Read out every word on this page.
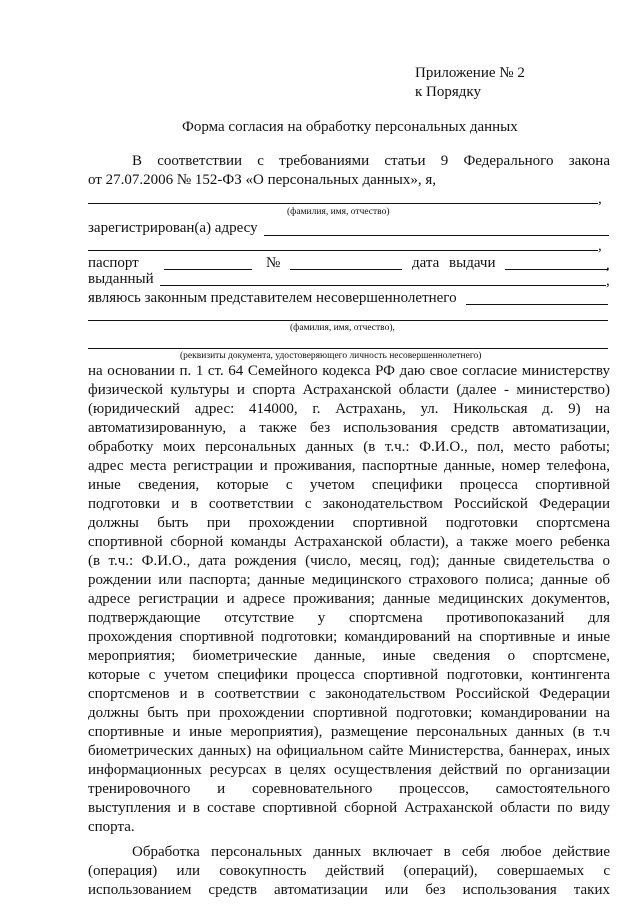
Приложение № 2
к Порядку
Форма согласия на обработку персональных данных
В соответствии с требованиями статьи 9 Федерального закона
от 27.07.2006 № 152-ФЗ «О персональных данных», я,
,
(фамилия, имя, отчество)
зарегистрирован(а) адресу
,
паспорт	№	дата выдачи	,
выданный	,
являюсь законным представителем несовершеннолетнего
(фамилия, имя, отчество),
(реквизиты документа, удостоверяющего личность несовершеннолетнего)
на основании п. 1 ст. 64 Семейного кодекса РФ даю свое согласие министерству
физической культуры и спорта Астраханской области (далее - министерство)
(юридический адрес: 414000, г. Астрахань, ул. Никольская д. 9) на
автоматизированную, а также без использования средств автоматизации,
обработку моих персональных данных (в т.ч.: Ф.И.О., пол, место работы;
адрес места регистрации и проживания, паспортные данные, номер телефона,
иные сведения, которые с учетом специфики процесса спортивной
подготовки и в соответствии с законодательством Российской Федерации
должны быть при прохождении спортивной подготовки спортсмена
спортивной сборной команды Астраханской области), а также моего ребенка
(в т.ч.: Ф.И.О., дата рождения (число, месяц, год); данные свидетельства о
рождении или паспорта; данные медицинского страхового полиса; данные об
адресе регистрации и адресе проживания; данные медицинских документов,
подтверждающие отсутствие у спортсмена противопоказаний для
прохождения спортивной подготовки; командирований на спортивные и иные
мероприятия; биометрические данные, иные сведения о спортсмене,
которые с учетом специфики процесса спортивной подготовки, контингента
спортсменов и в соответствии с законодательством Российской Федерации
должны быть при прохождении спортивной подготовки; командировании на
спортивные и иные мероприятия), размещение персональных данных (в т.ч
биометрических данных) на официальном сайте Министерства, баннерах, иных
информационных ресурсах в целях осуществления действий по организации
тренировочного и соревновательного процессов, самостоятельного
выступления и в составе спортивной сборной Астраханской области по виду
спорта.
Обработка персональных данных включает в себя любое действие
(операция) или совокупность действий (операций), совершаемых с
использованием средств автоматизации или без использования таких
